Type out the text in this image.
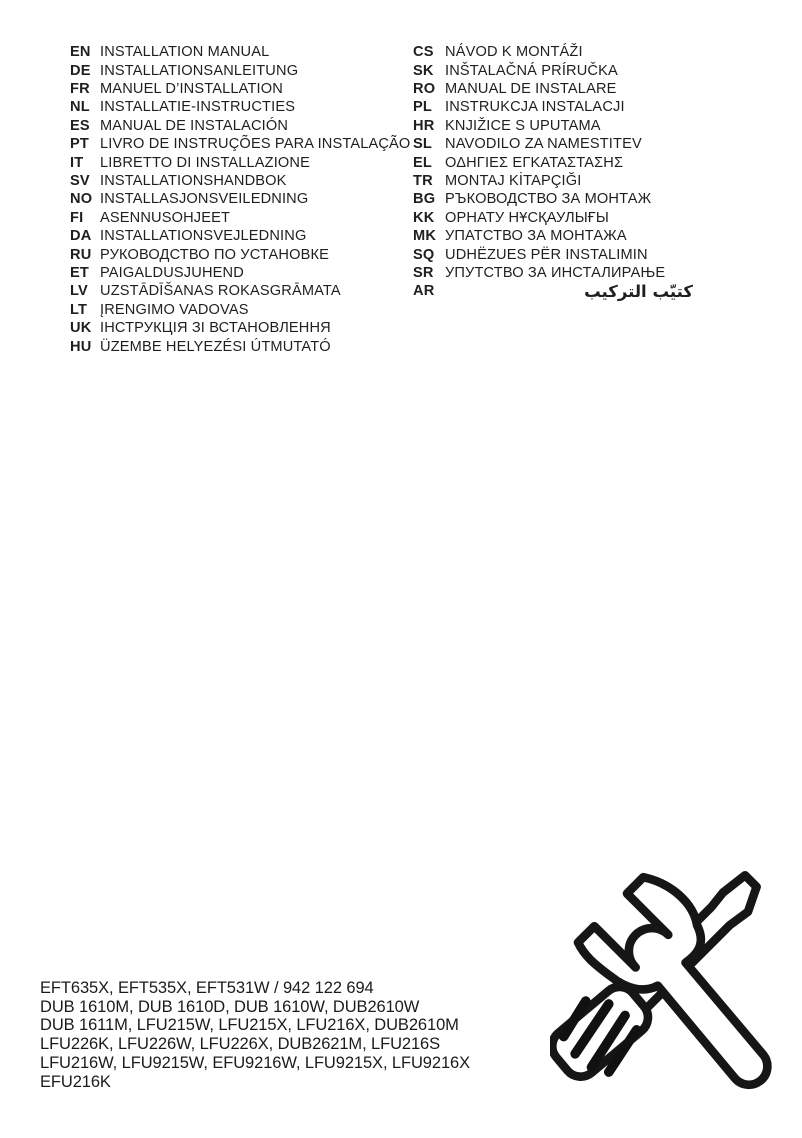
EN INSTALLATION MANUAL
DE INSTALLATIONSANLEITUNG
FR MANUEL D’INSTALLATION
NL INSTALLATIE-INSTRUCTIES
ES MANUAL DE INSTALACIÓN
PT LIVRO DE INSTRUÇÕES PARA INSTALAÇÃO
IT	LIBRETTO DI INSTALLAZIONE
SV INSTALLATIONSHANDBOK
NO INSTALLASJONSVEILEDNING
FI	ASENNUSOHJEET
DA INSTALLATIONSVEJLEDNING
RU РУКОВОДСТВО ПО УСТАНОВКЕ
ET PAIGALDUSJUHEND
LV UZSTĀDĪŠANAS ROKASGRĀMATA
LT ĮRENGIMO VADOVAS
UK ІНСТРУКЦІЯ ЗІ ВСТАНОВЛЕННЯ
HU ÜZEMBE HELYEZÉSI ÚTMUTATÓ
CS NÁVOD K MONTÁŽI
SK INŠTALAČNÁ PRÍRUČKA
RO MANUAL DE INSTALARE
PL INSTRUKCJA INSTALACJI
HR KNJIŽICE S UPUTAMA
SL NAVODILO ZA NAMESTITEV
EL ΟΔΗΓΙΕΣ ΕΓΚΑΤΑΣΤΑΣΗΣ
TR MONTAJ KİTAPÇIĞI
BG РЪКОВОДСТВО ЗА МОНТАЖ
KK ОРНАТУ НҰСҚАУЛЫҒЫ
MK УПАТСТВО ЗА МОНТАЖА
SQ UDHËZUES PËR INSTALIMIN
SR УПУТСТВО ЗА ИНСТАЛИРАЊЕ
AR	كتيّب التركيب
EFT635X, EFT535X, EFT531W / 942 122 694
DUB 1610M, DUB 1610D, DUB 1610W, DUB2610W
DUB 1611M, LFU215W, LFU215X, LFU216X, DUB2610M
LFU226K, LFU226W, LFU226X, DUB2621M, LFU216S
LFU216W, LFU9215W, EFU9216W, LFU9215X, LFU9216X
EFU216K
